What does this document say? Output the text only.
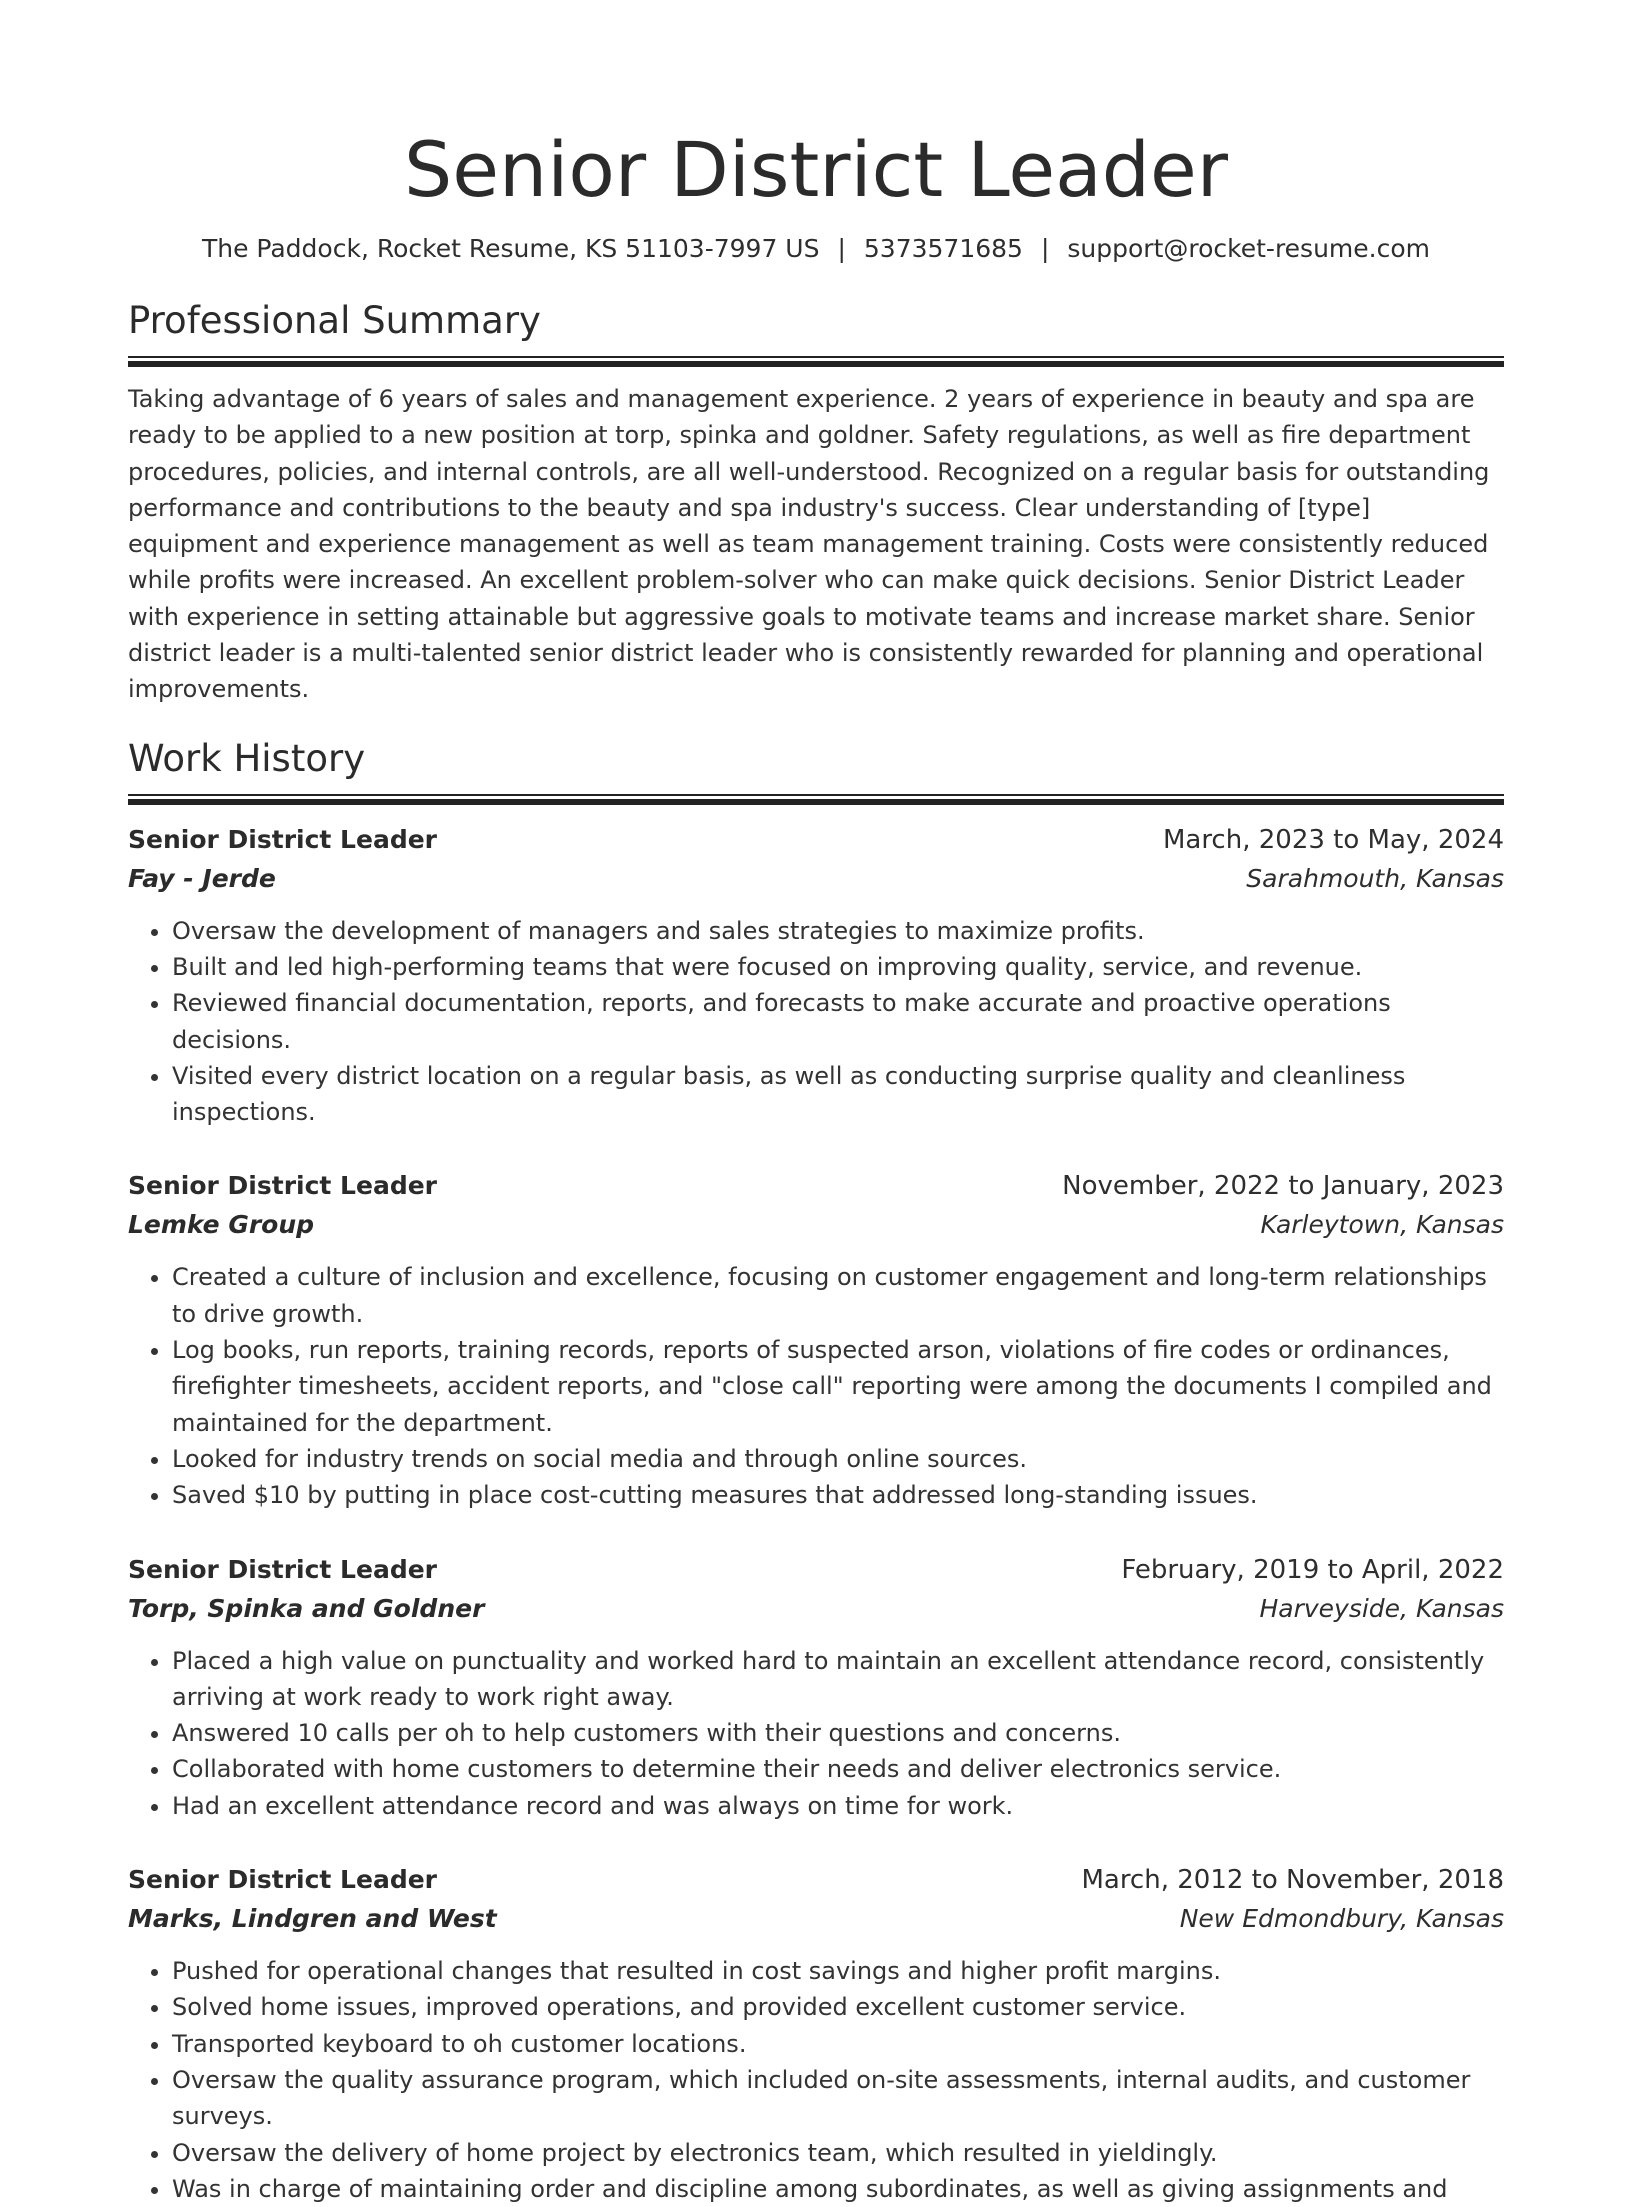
Senior District Leader
The Paddock, Rocket Resume, KS 51103-7997 US | 5373571685 | support@rocket-resume.com
Professional Summary

Taking advantage of 6 years of sales and management experience. 2 years of experience in beauty and spa are ready to be applied to a new position at torp, spinka and goldner. Safety regulations, as well as fire department procedures, policies, and internal controls, are all well-understood. Recognized on a regular basis for outstanding performance and contributions to the beauty and spa industry's success. Clear understanding of [type] equipment and experience management as well as team management training. Costs were consistently reduced while profits were increased. An excellent problem-solver who can make quick decisions. Senior District Leader with experience in setting attainable but aggressive goals to motivate teams and increase market share. Senior district leader is a multi-talented senior district leader who is consistently rewarded for planning and operational improvements.

Work History
Senior District Leader	March, 2023 to May, 2024
Fay - Jerde	Sarahmouth, Kansas
• Oversaw the development of managers and sales strategies to maximize profits.
• Built and led high-performing teams that were focused on improving quality, service, and revenue.
• Reviewed financial documentation, reports, and forecasts to make accurate and proactive operations decisions.
• Visited every district location on a regular basis, as well as conducting surprise quality and cleanliness inspections.
Senior District Leader	November, 2022 to January, 2023
Lemke Group	Karleytown, Kansas
• Created a culture of inclusion and excellence, focusing on customer engagement and long-term relationships to drive growth.
• Log books, run reports, training records, reports of suspected arson, violations of fire codes or ordinances, firefighter timesheets, accident reports, and "close call" reporting were among the documents I compiled and maintained for the department.
• Looked for industry trends on social media and through online sources.
• Saved $10 by putting in place cost-cutting measures that addressed long-standing issues.
Senior District Leader	February, 2019 to April, 2022
Torp, Spinka and Goldner	Harveyside, Kansas
• Placed a high value on punctuality and worked hard to maintain an excellent attendance record, consistently arriving at work ready to work right away.
• Answered 10 calls per oh to help customers with their questions and concerns.
• Collaborated with home customers to determine their needs and deliver electronics service.
• Had an excellent attendance record and was always on time for work.
Senior District Leader	March, 2012 to November, 2018
Marks, Lindgren and West	New Edmondbury, Kansas
• Pushed for operational changes that resulted in cost savings and higher profit margins.
• Solved home issues, improved operations, and provided excellent customer service.
• Transported keyboard to oh customer locations.
• Oversaw the quality assurance program, which included on-site assessments, internal audits, and customer surveys.
• Oversaw the delivery of home project by electronics team, which resulted in yieldingly.
• Was in charge of maintaining order and discipline among subordinates, as well as giving assignments and
